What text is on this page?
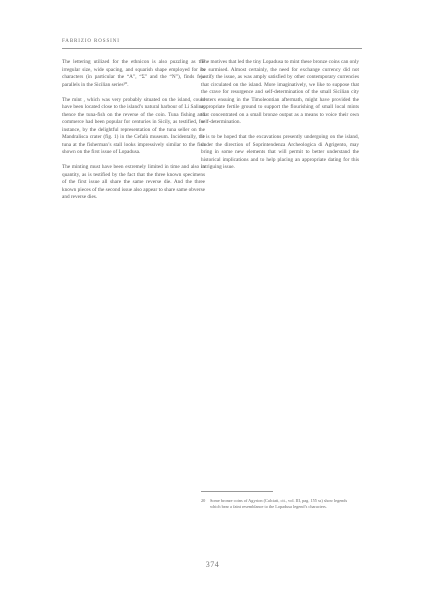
FABRIZIO ROSSINI

The lettering utilized for the ethnicon is also puzzling as the irregular size, wide spacing, and squarish shape employed for its characters (in particular the “A”, “Σ” and the “N”), finds few parallels in the Sicilian series²⁰.

The mint , which was very probably situated on the island, could have been located close to the island’s natural harbour of Li Saline, thence the tuna-fish on the reverse of the coin. Tuna fishing and commerce had been popular for centuries in Sicily, as testified, for instance, by the delightful representation of the tuna seller on the Mandralisca crater (fig. 1) in the Cefalù museum. Incidentally, the tuna at the fisherman’s stall looks impressively similar to the fish shown on the first issue of Lopadusa.

The minting must have been extremely limited in time and also in quantity, as is testified by the fact that the three known specimens of the first issue all share the same reverse die. And the three known pieces of the second issue also appear to share same obverse and reverse dies.

The motives that led the tiny Lopadusa to mint these bronze coins can only be surmised. Almost certainly, the need for exchange currency did not justify the issue, as was amply satisfied by other contemporary currencies that circulated on the island. More imaginatively, we like to suppose that the crave for resurgence and self-determination of the small Sicilian city centers ensuing in the Timoleontian aftermath, might have provided the appropriate fertile ground to support the flourishing of small local mints that concentrated on a small bronze output as a means to voice their own self-determination.

It is to be hoped that the excavations presently undergoing on the island, under the direction of Soprintendenza Archeologica di Agrigento, may bring in some new elements that will permit to better understand the historical implications and to help placing an appropriate dating for this intriguing issue.

20 Some bronze coins of Agyrion (Calciati, cit., vol. III, pag. 155 ss) show legends which bear a faint resemblance to the Lopadusa legend’s characters.
374
